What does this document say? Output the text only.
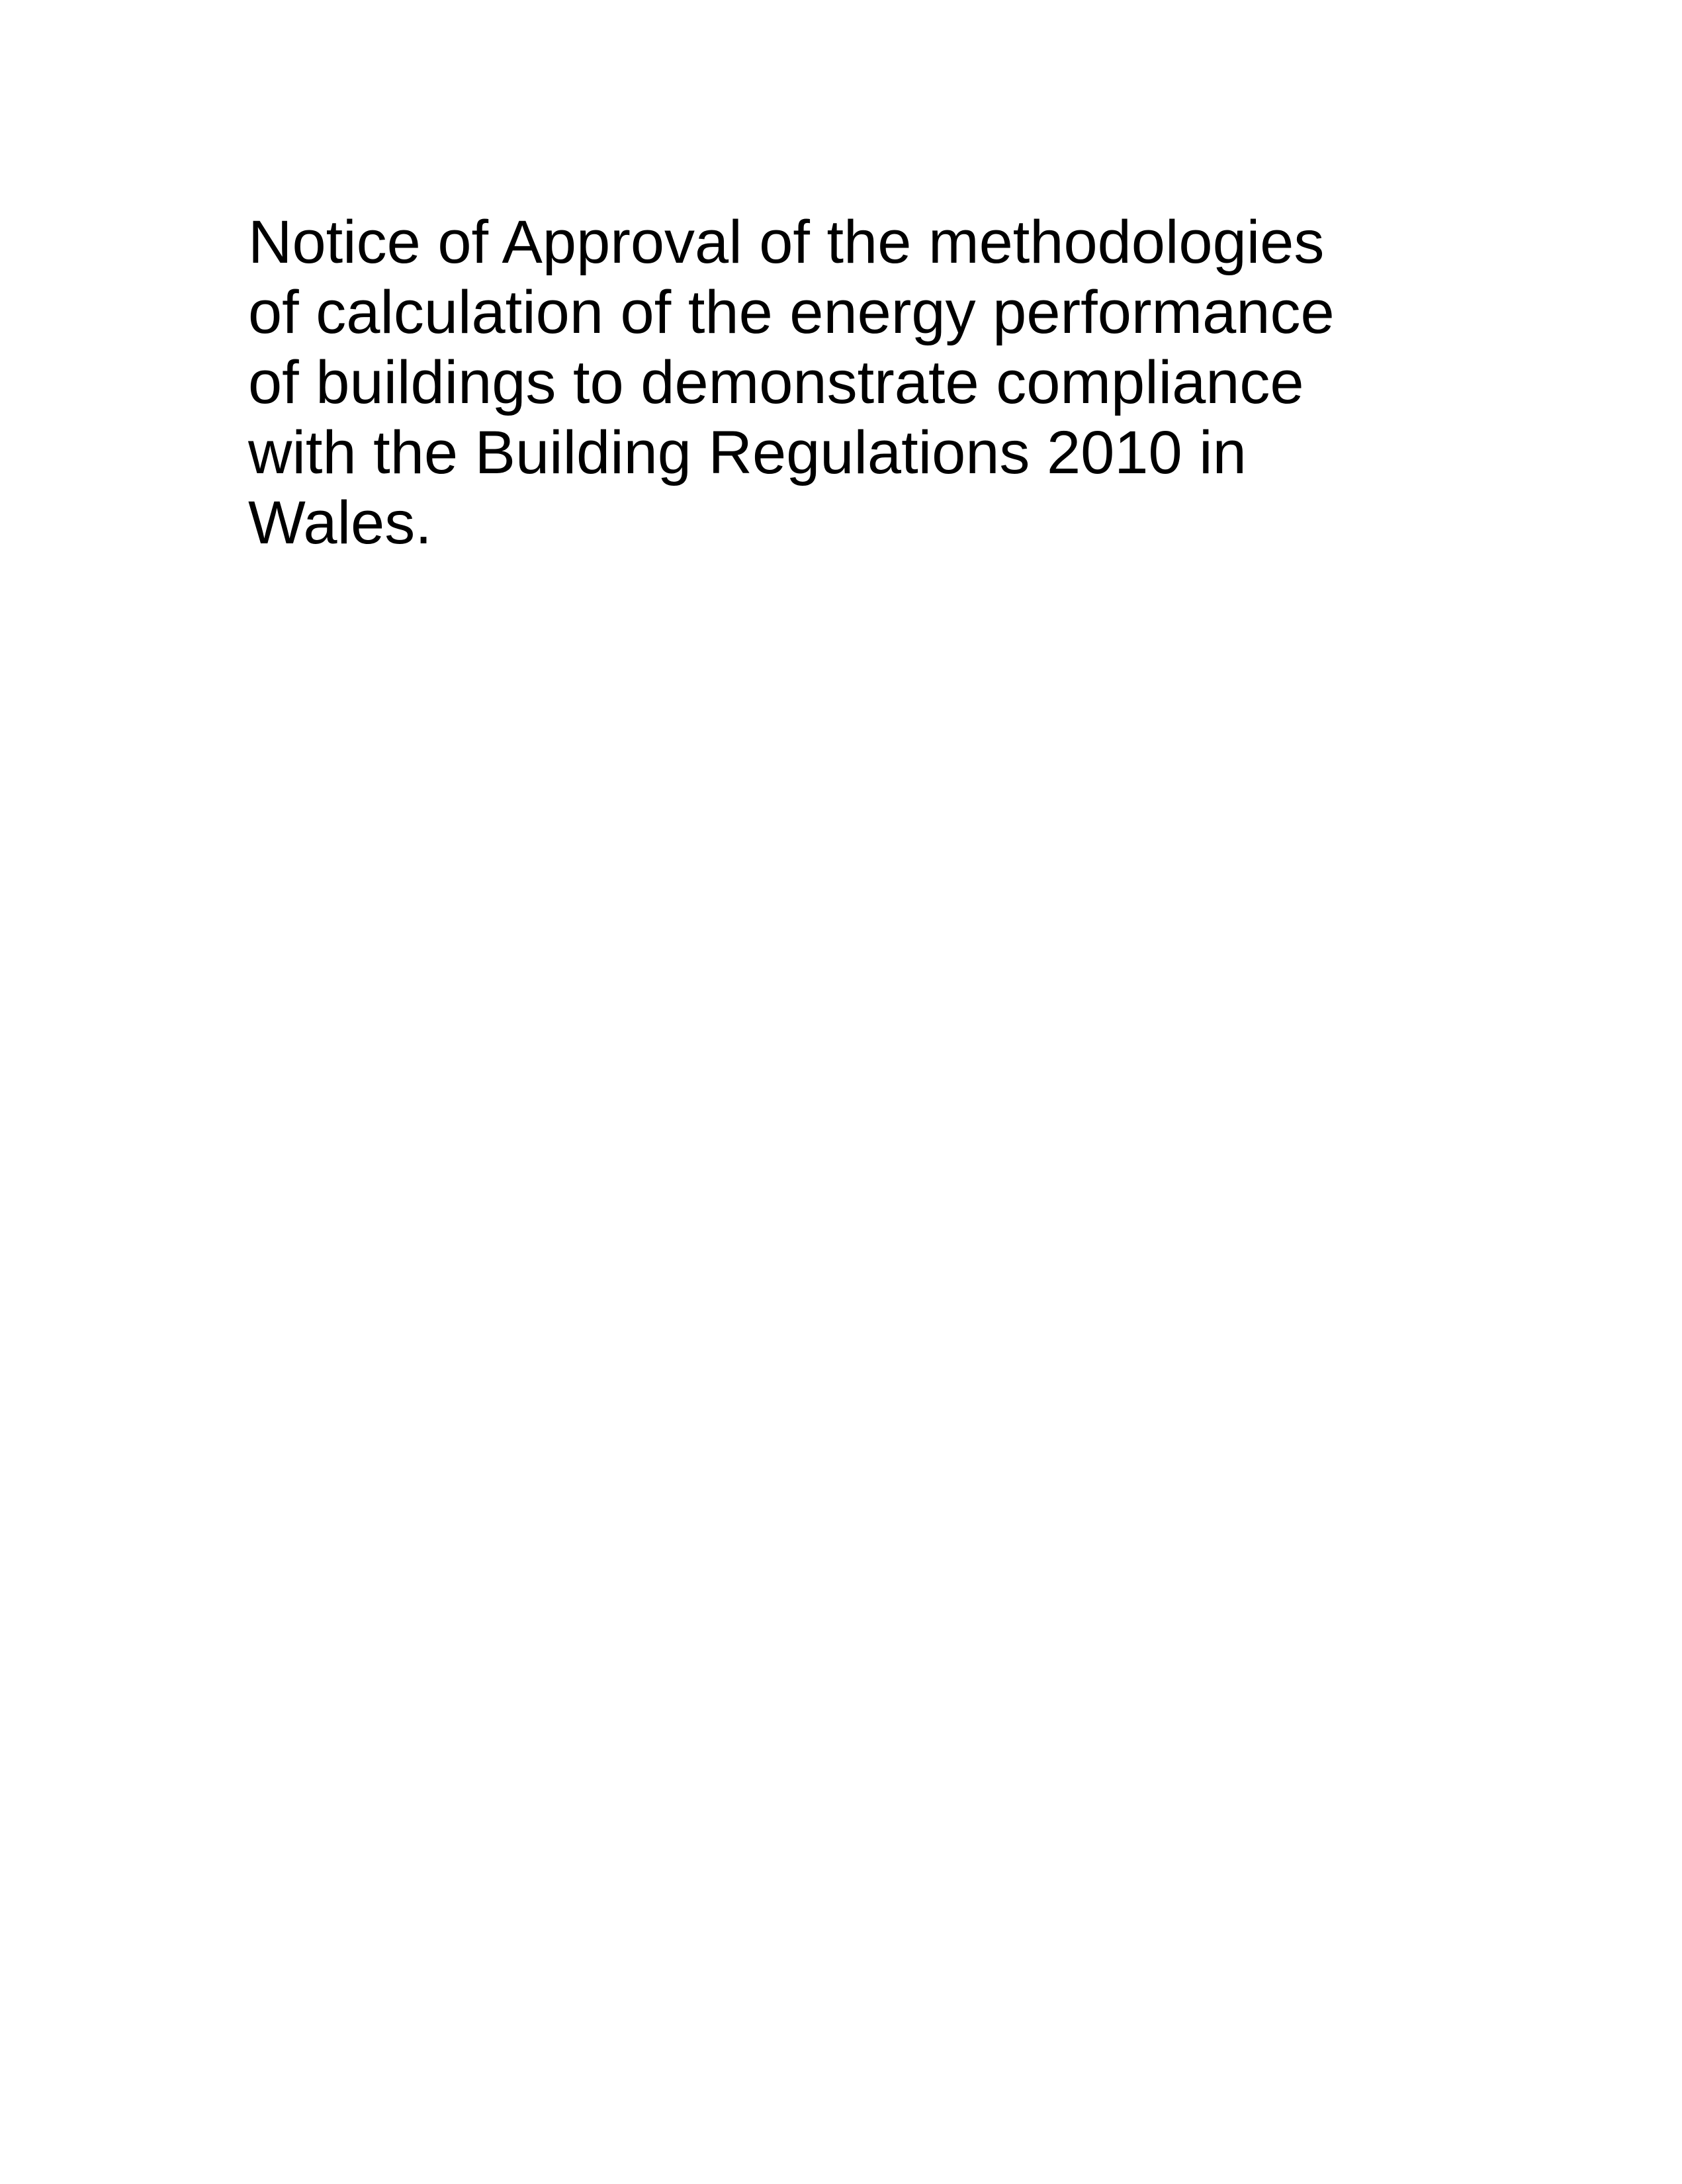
Notice of Approval of the methodologies
of calculation of the energy performance
of buildings to demonstrate compliance
with the Building Regulations 2010 in
Wales.
